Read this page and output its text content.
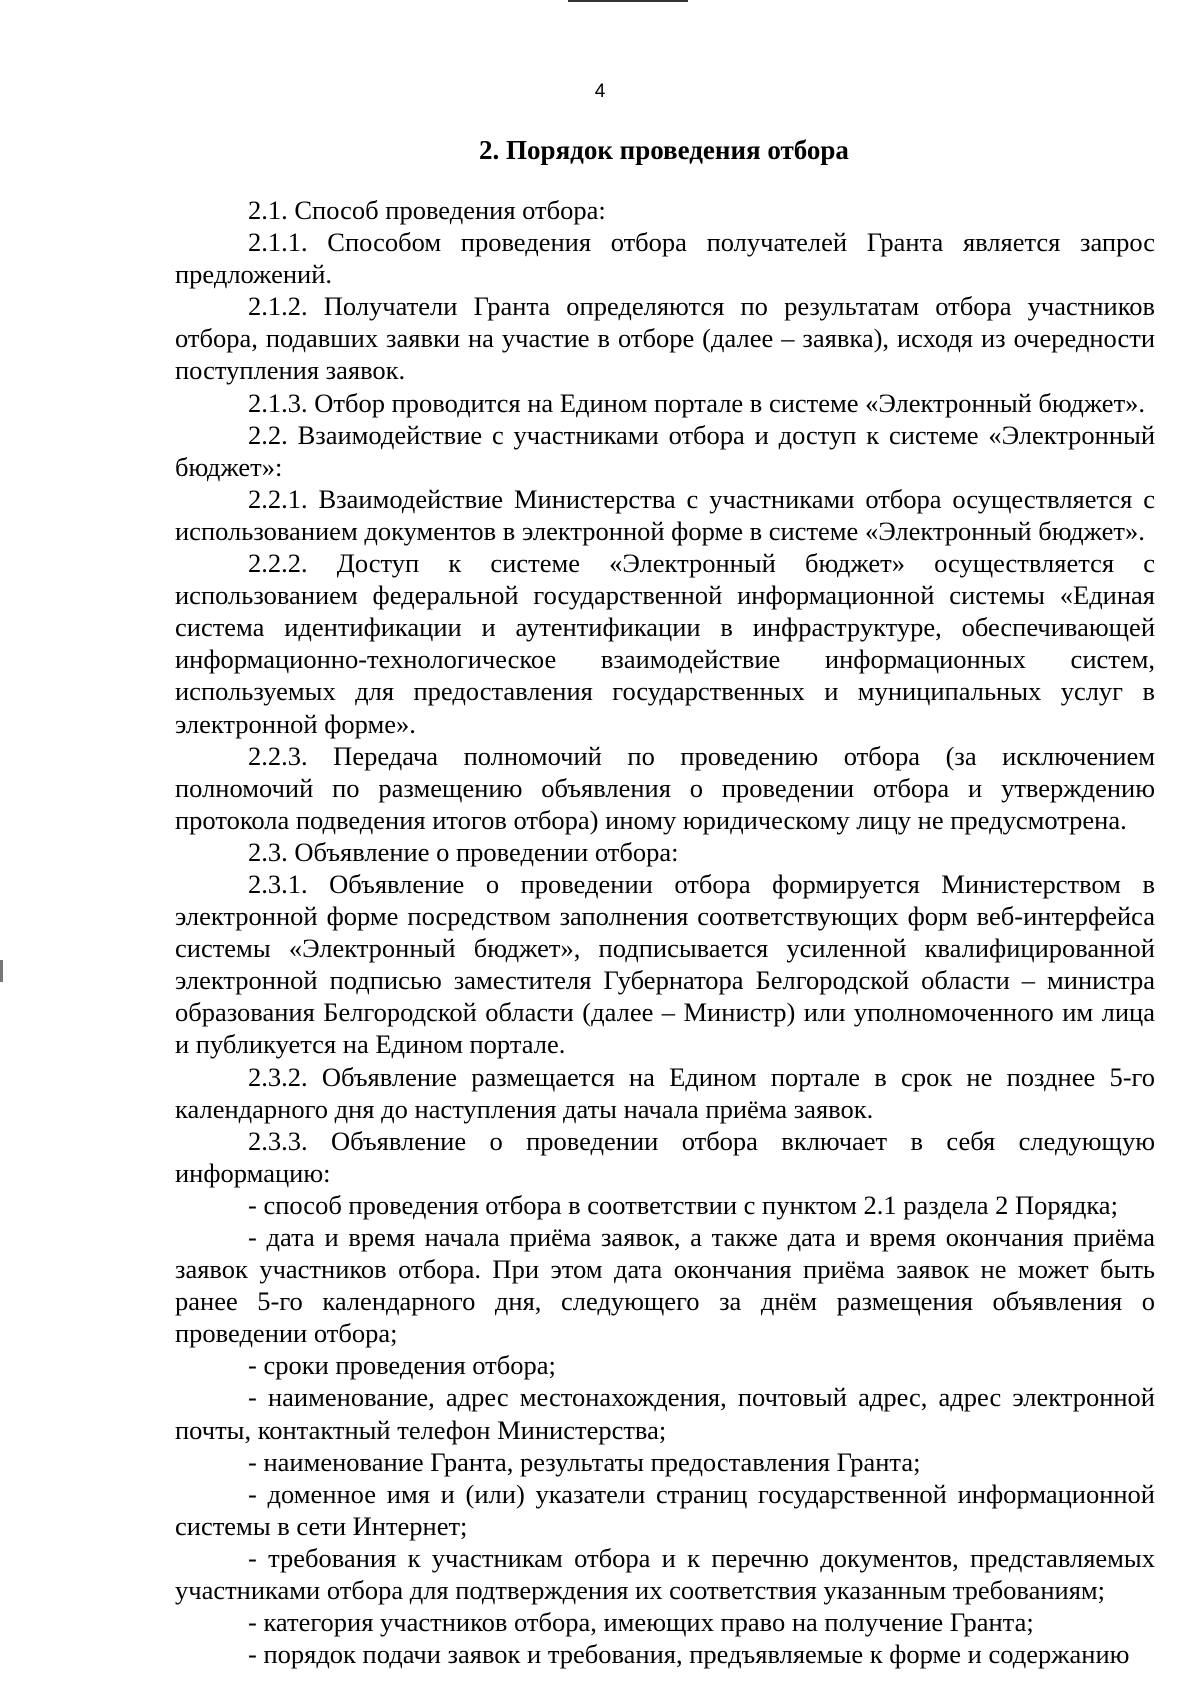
4
2. Порядок проведения отбора

2.1. Способ проведения отбора:

2.1.1. Способом проведения отбора получателей Гранта является запрос предложений.

2.1.2. Получатели Гранта определяются по результатам отбора участников отбора, подавших заявки на участие в отборе (далее – заявка), исходя из очередности поступления заявок.

2.1.3. Отбор проводится на Едином портале в системе «Электронный бюджет».

2.2. Взаимодействие с участниками отбора и доступ к системе «Электронный бюджет»:

2.2.1. Взаимодействие Министерства с участниками отбора осуществляется с использованием документов в электронной форме в системе «Электронный бюджет».

2.2.2. Доступ к системе «Электронный бюджет» осуществляется с использованием федеральной государственной информационной системы «Единая система идентификации и аутентификации в инфраструктуре, обеспечивающей информационно-технологическое взаимодействие информационных систем, используемых для предоставления государственных и муниципальных услуг в электронной форме».

2.2.3. Передача полномочий по проведению отбора (за исключением полномочий по размещению объявления о проведении отбора и утверждению протокола подведения итогов отбора) иному юридическому лицу не предусмотрена.

2.3. Объявление о проведении отбора:

2.3.1. Объявление о проведении отбора формируется Министерством в электронной форме посредством заполнения соответствующих форм веб-интерфейса системы «Электронный бюджет», подписывается усиленной квалифицированной электронной подписью заместителя Губернатора Белгородской области – министра образования Белгородской области (далее – Министр) или уполномоченного им лица и публикуется на Едином портале.

2.3.2. Объявление размещается на Едином портале в срок не позднее 5-го календарного дня до наступления даты начала приёма заявок.

2.3.3. Объявление о проведении отбора включает в себя следующую информацию:

- способ проведения отбора в соответствии с пунктом 2.1 раздела 2 Порядка;

- дата и время начала приёма заявок, а также дата и время окончания приёма заявок участников отбора. При этом дата окончания приёма заявок не может быть ранее 5-го календарного дня, следующего за днём размещения объявления о проведении отбора;

- сроки проведения отбора;

- наименование, адрес местонахождения, почтовый адрес, адрес электронной почты, контактный телефон Министерства;

- наименование Гранта, результаты предоставления Гранта;

- доменное имя и (или) указатели страниц государственной информационной системы в сети Интернет;

- требования к участникам отбора и к перечню документов, представляемых участниками отбора для подтверждения их соответствия указанным требованиям;

- категория участников отбора, имеющих право на получение Гранта;

- порядок подачи заявок и требования, предъявляемые к форме и содержанию
